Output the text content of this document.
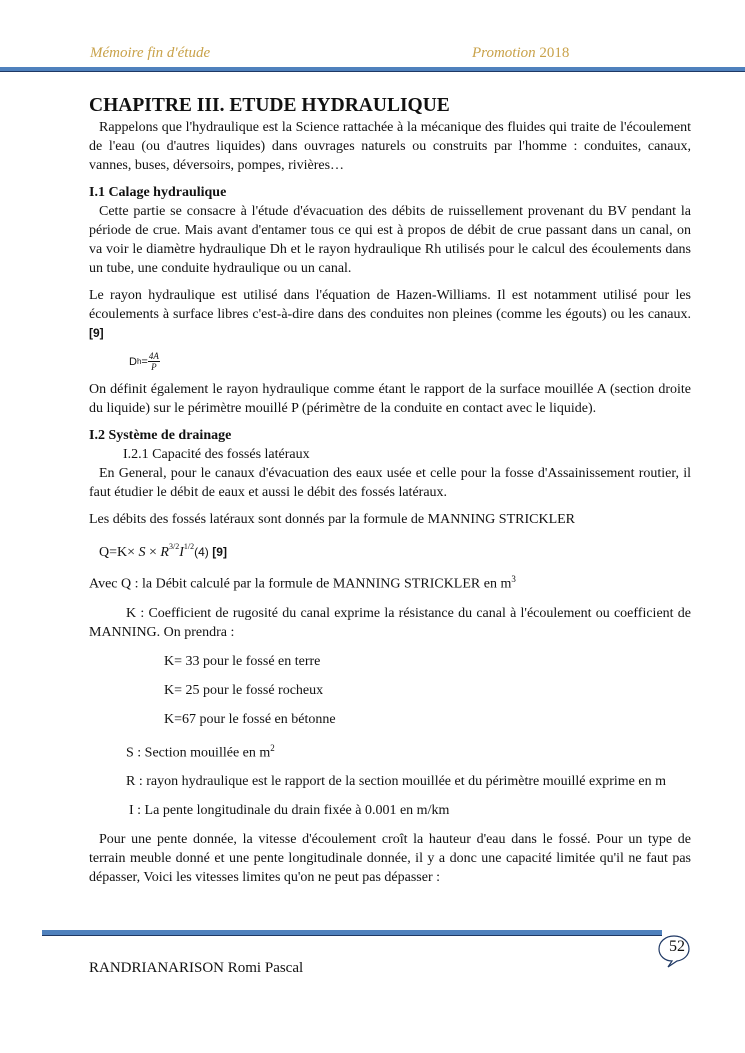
Mémoire fin d'étude	Promotion 2018
CHAPITRE III. ETUDE HYDRAULIQUE

Rappelons que l'hydraulique est la Science rattachée à la mécanique des fluides qui traite de l'écoulement de l'eau (ou d'autres liquides) dans ouvrages naturels ou construits par l'homme : conduites, canaux, vannes, buses, déversoirs, pompes, rivières…

I.1 Calage hydraulique

Cette partie se consacre à l'étude d'évacuation des débits de ruissellement provenant du BV pendant la période de crue. Mais avant d'entamer tous ce qui est à propos de débit de crue passant dans un canal, on va voir le diamètre hydraulique Dh et le rayon hydraulique Rh utilisés pour le calcul des écoulements dans un tube, une conduite hydraulique ou un canal.

Le rayon hydraulique est utilisé dans l'équation de Hazen-Williams. Il est notamment utilisé pour les écoulements à surface libres c'est-à-dire dans des conduites non pleines (comme les égouts) ou les canaux. [9]

D $h = \frac{4A}{P}$

On définit également le rayon hydraulique comme étant le rapport de la surface mouillée A (section droite du liquide) sur le périmètre mouillé P (périmètre de la conduite en contact avec le liquide).

I.2 Système de drainage

I.2.1 Capacité des fossés latéraux

En General, pour le canaux d'évacuation des eaux usée et celle pour la fosse d'Assainissement routier, il faut étudier le débit de eaux et aussi le débit des fossés latéraux.

Les débits des fossés latéraux sont donnés par la formule de MANNING STRICKLER

$Q=K\times S \times R^{3/2}I^{1/2}(4)$ [9]

Avec Q : la Débit calculé par la formule de MANNING STRICKLER en $m^3$

K : Coefficient de rugosité du canal exprime la résistance du canal à l'écoulement ou coefficient de MANNING. On prendra :

K= 33 pour le fossé en terre
K= 25 pour le fossé rocheux
K=67 pour le fossé en bétonne

S : Section mouillée en $m^2$

R : rayon hydraulique est le rapport de la section mouillée et du périmètre mouillé exprime en m

I : La pente longitudinale du drain fixée à 0.001 en m/km

Pour une pente donnée, la vitesse d'écoulement croît la hauteur d'eau dans le fossé. Pour un type de terrain meuble donné et une pente longitudinale donnée, il y a donc une capacité limitée qu'il ne faut pas dépasser, Voici les vitesses limites qu'on ne peut pas dépasser :

52
RANDRIANARISON Romi Pascal
